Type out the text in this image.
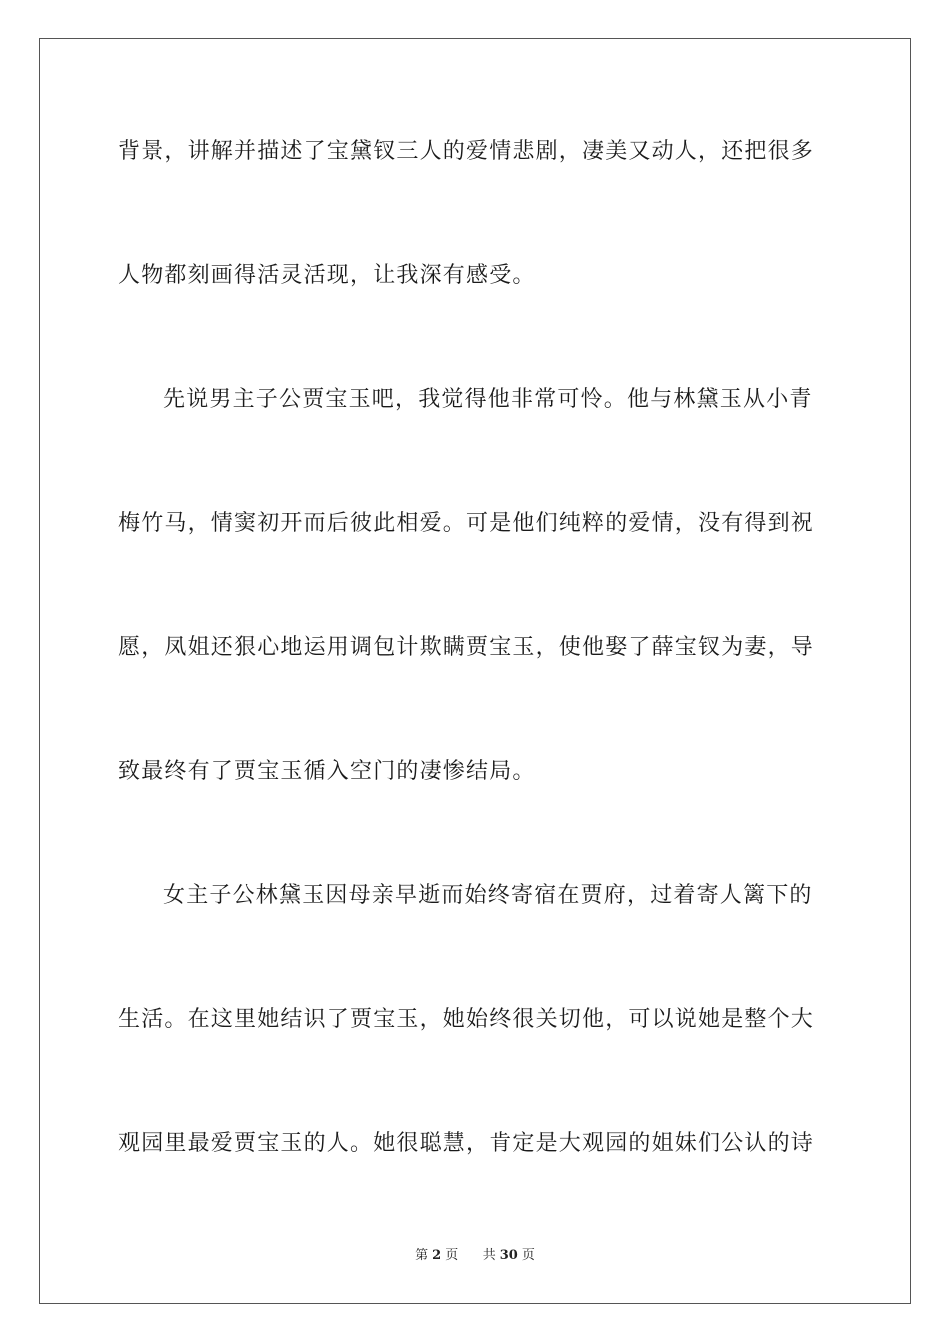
背景，讲解并描述了宝黛钗三人的爱情悲剧，凄美又动人，还把很多
人物都刻画得活灵活现，让我深有感受。
先说男主子公贾宝玉吧，我觉得他非常可怜。他与林黛玉从小青
梅竹马，情窦初开而后彼此相爱。可是他们纯粹的爱情，没有得到祝
愿，凤姐还狠心地运用调包计欺瞒贾宝玉，使他娶了薛宝钗为妻，导
致最终有了贾宝玉循入空门的凄惨结局。
女主子公林黛玉因母亲早逝而始终寄宿在贾府，过着寄人篱下的
生活。在这里她结识了贾宝玉，她始终很关切他，可以说她是整个大
观园里最爱贾宝玉的人。她很聪慧，肯定是大观园的姐妹们公认的诗
第 2 页 共 30 页
